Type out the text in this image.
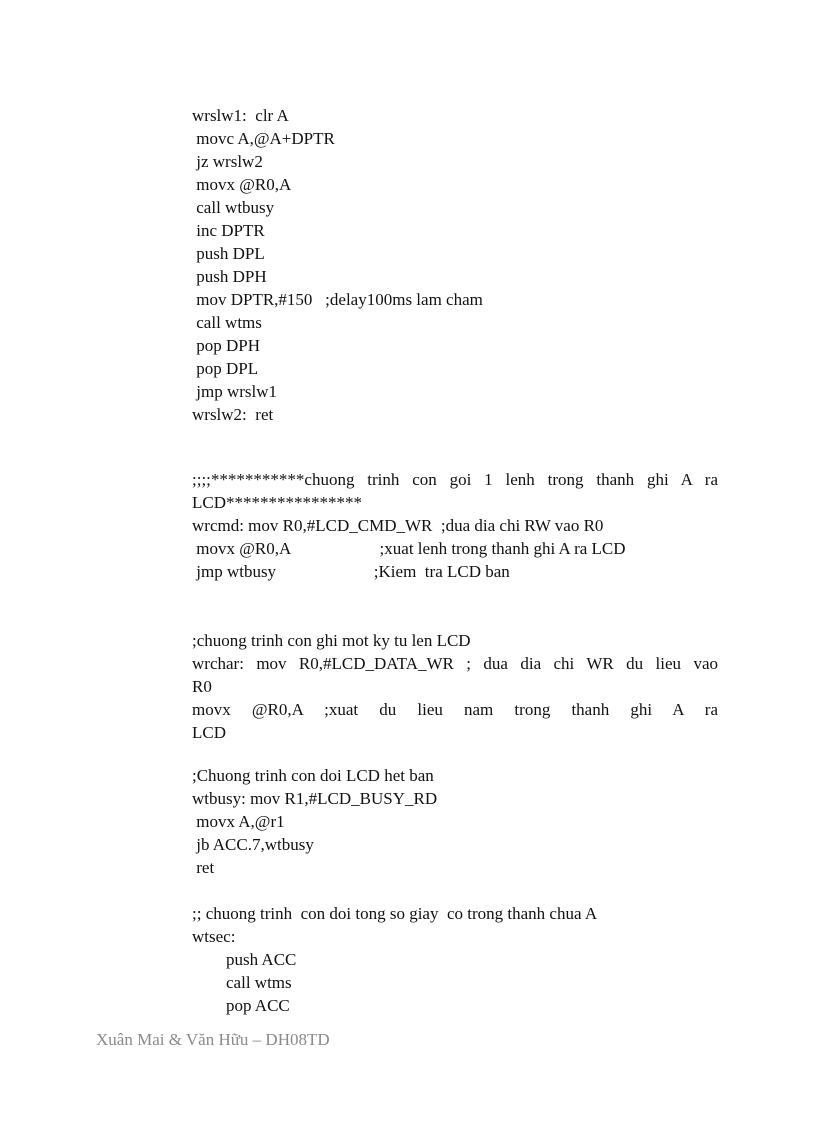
wrslw1:  clr A
movc A,@A+DPTR
jz wrslw2
movx @R0,A
call wtbusy
inc DPTR
push DPL
push DPH
mov DPTR,#150   ;delay100ms lam cham
call wtms
pop DPH
pop DPL
jmp wrslw1
wrslw2:  ret
;;;;***********chuong trinh con goi 1 lenh trong thanh ghi A ra
LCD****************
wrcmd: mov R0,#LCD_CMD_WR  ;dua dia chi RW vao R0
movx @R0,A                     ;xuat lenh trong thanh ghi A ra LCD
jmp wtbusy                       ;Kiem  tra LCD ban
;chuong trinh con ghi mot ky tu len LCD
wrchar: mov R0,#LCD_DATA_WR ; dua dia chi WR du lieu vao
R0
movx @R0,A ;xuat du lieu nam trong thanh ghi A ra
LCD
;Chuong trinh con doi LCD het ban
wtbusy: mov R1,#LCD_BUSY_RD
movx A,@r1
jb ACC.7,wtbusy
ret
;; chuong trinh  con doi tong so giay  co trong thanh chua A
wtsec:
push ACC
call wtms
pop ACC
Xuân Mai & Văn Hữu – DH08TD
